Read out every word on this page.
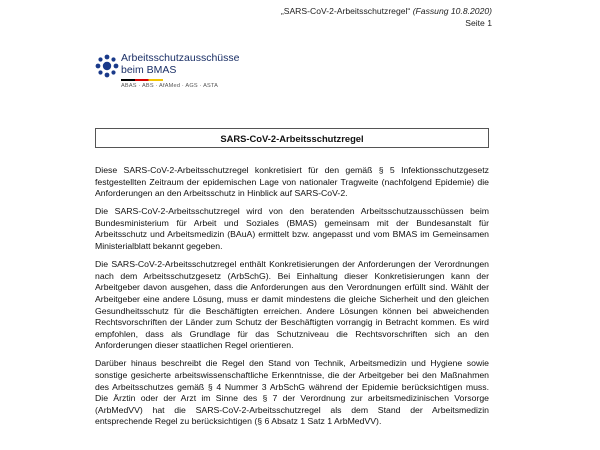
„SARS-CoV-2-Arbeitsschutzregel“ (Fassung 10.8.2020)
Seite 1
Arbeitsschutzausschüsse
beim BMAS
ABAS · ABS · AfAMed · AGS · ASTA
SARS-CoV-2-Arbeitsschutzregel

Diese SARS-CoV-2-Arbeitsschutzregel konkretisiert für den gemäß § 5 Infektionsschutzgesetz festgestellten Zeitraum der epidemischen Lage von nationaler Tragweite (nachfolgend Epidemie) die Anforderungen an den Arbeitsschutz in Hinblick auf SARS-CoV-2.

Die SARS-CoV-2-Arbeitsschutzregel wird von den beratenden Arbeitsschutzausschüssen beim Bundesministerium für Arbeit und Soziales (BMAS) gemeinsam mit der Bundesanstalt für Arbeitsschutz und Arbeitsmedizin (BAuA) ermittelt bzw. angepasst und vom BMAS im Gemeinsamen Ministerialblatt bekannt gegeben.

Die SARS-CoV-2-Arbeitsschutzregel enthält Konkretisierungen der Anforderungen der Verordnungen nach dem Arbeitsschutzgesetz (ArbSchG). Bei Einhaltung dieser Konkretisierungen kann der Arbeitgeber davon ausgehen, dass die Anforderungen aus den Verordnungen erfüllt sind. Wählt der Arbeitgeber eine andere Lösung, muss er damit mindestens die gleiche Sicherheit und den gleichen Gesundheitsschutz für die Beschäftigten erreichen. Andere Lösungen können bei abweichenden Rechtsvorschriften der Länder zum Schutz der Beschäftigten vorrangig in Betracht kommen. Es wird empfohlen, dass als Grundlage für das Schutzniveau die Rechtsvorschriften sich an den Anforderungen dieser staatlichen Regel orientieren.

Darüber hinaus beschreibt die Regel den Stand von Technik, Arbeitsmedizin und Hygiene sowie sonstige gesicherte arbeitswissenschaftliche Erkenntnisse, die der Arbeitgeber bei den Maßnahmen des Arbeitsschutzes gemäß § 4 Nummer 3 ArbSchG während der Epidemie berücksichtigen muss. Die Ärztin oder der Arzt im Sinne des § 7 der Verordnung zur arbeitsmedizinischen Vorsorge (ArbMedVV) hat die SARS-CoV-2-Arbeitsschutzregel als dem Stand der Arbeitsmedizin entsprechende Regel zu berücksichtigen (§ 6 Absatz 1 Satz 1 ArbMedVV).
